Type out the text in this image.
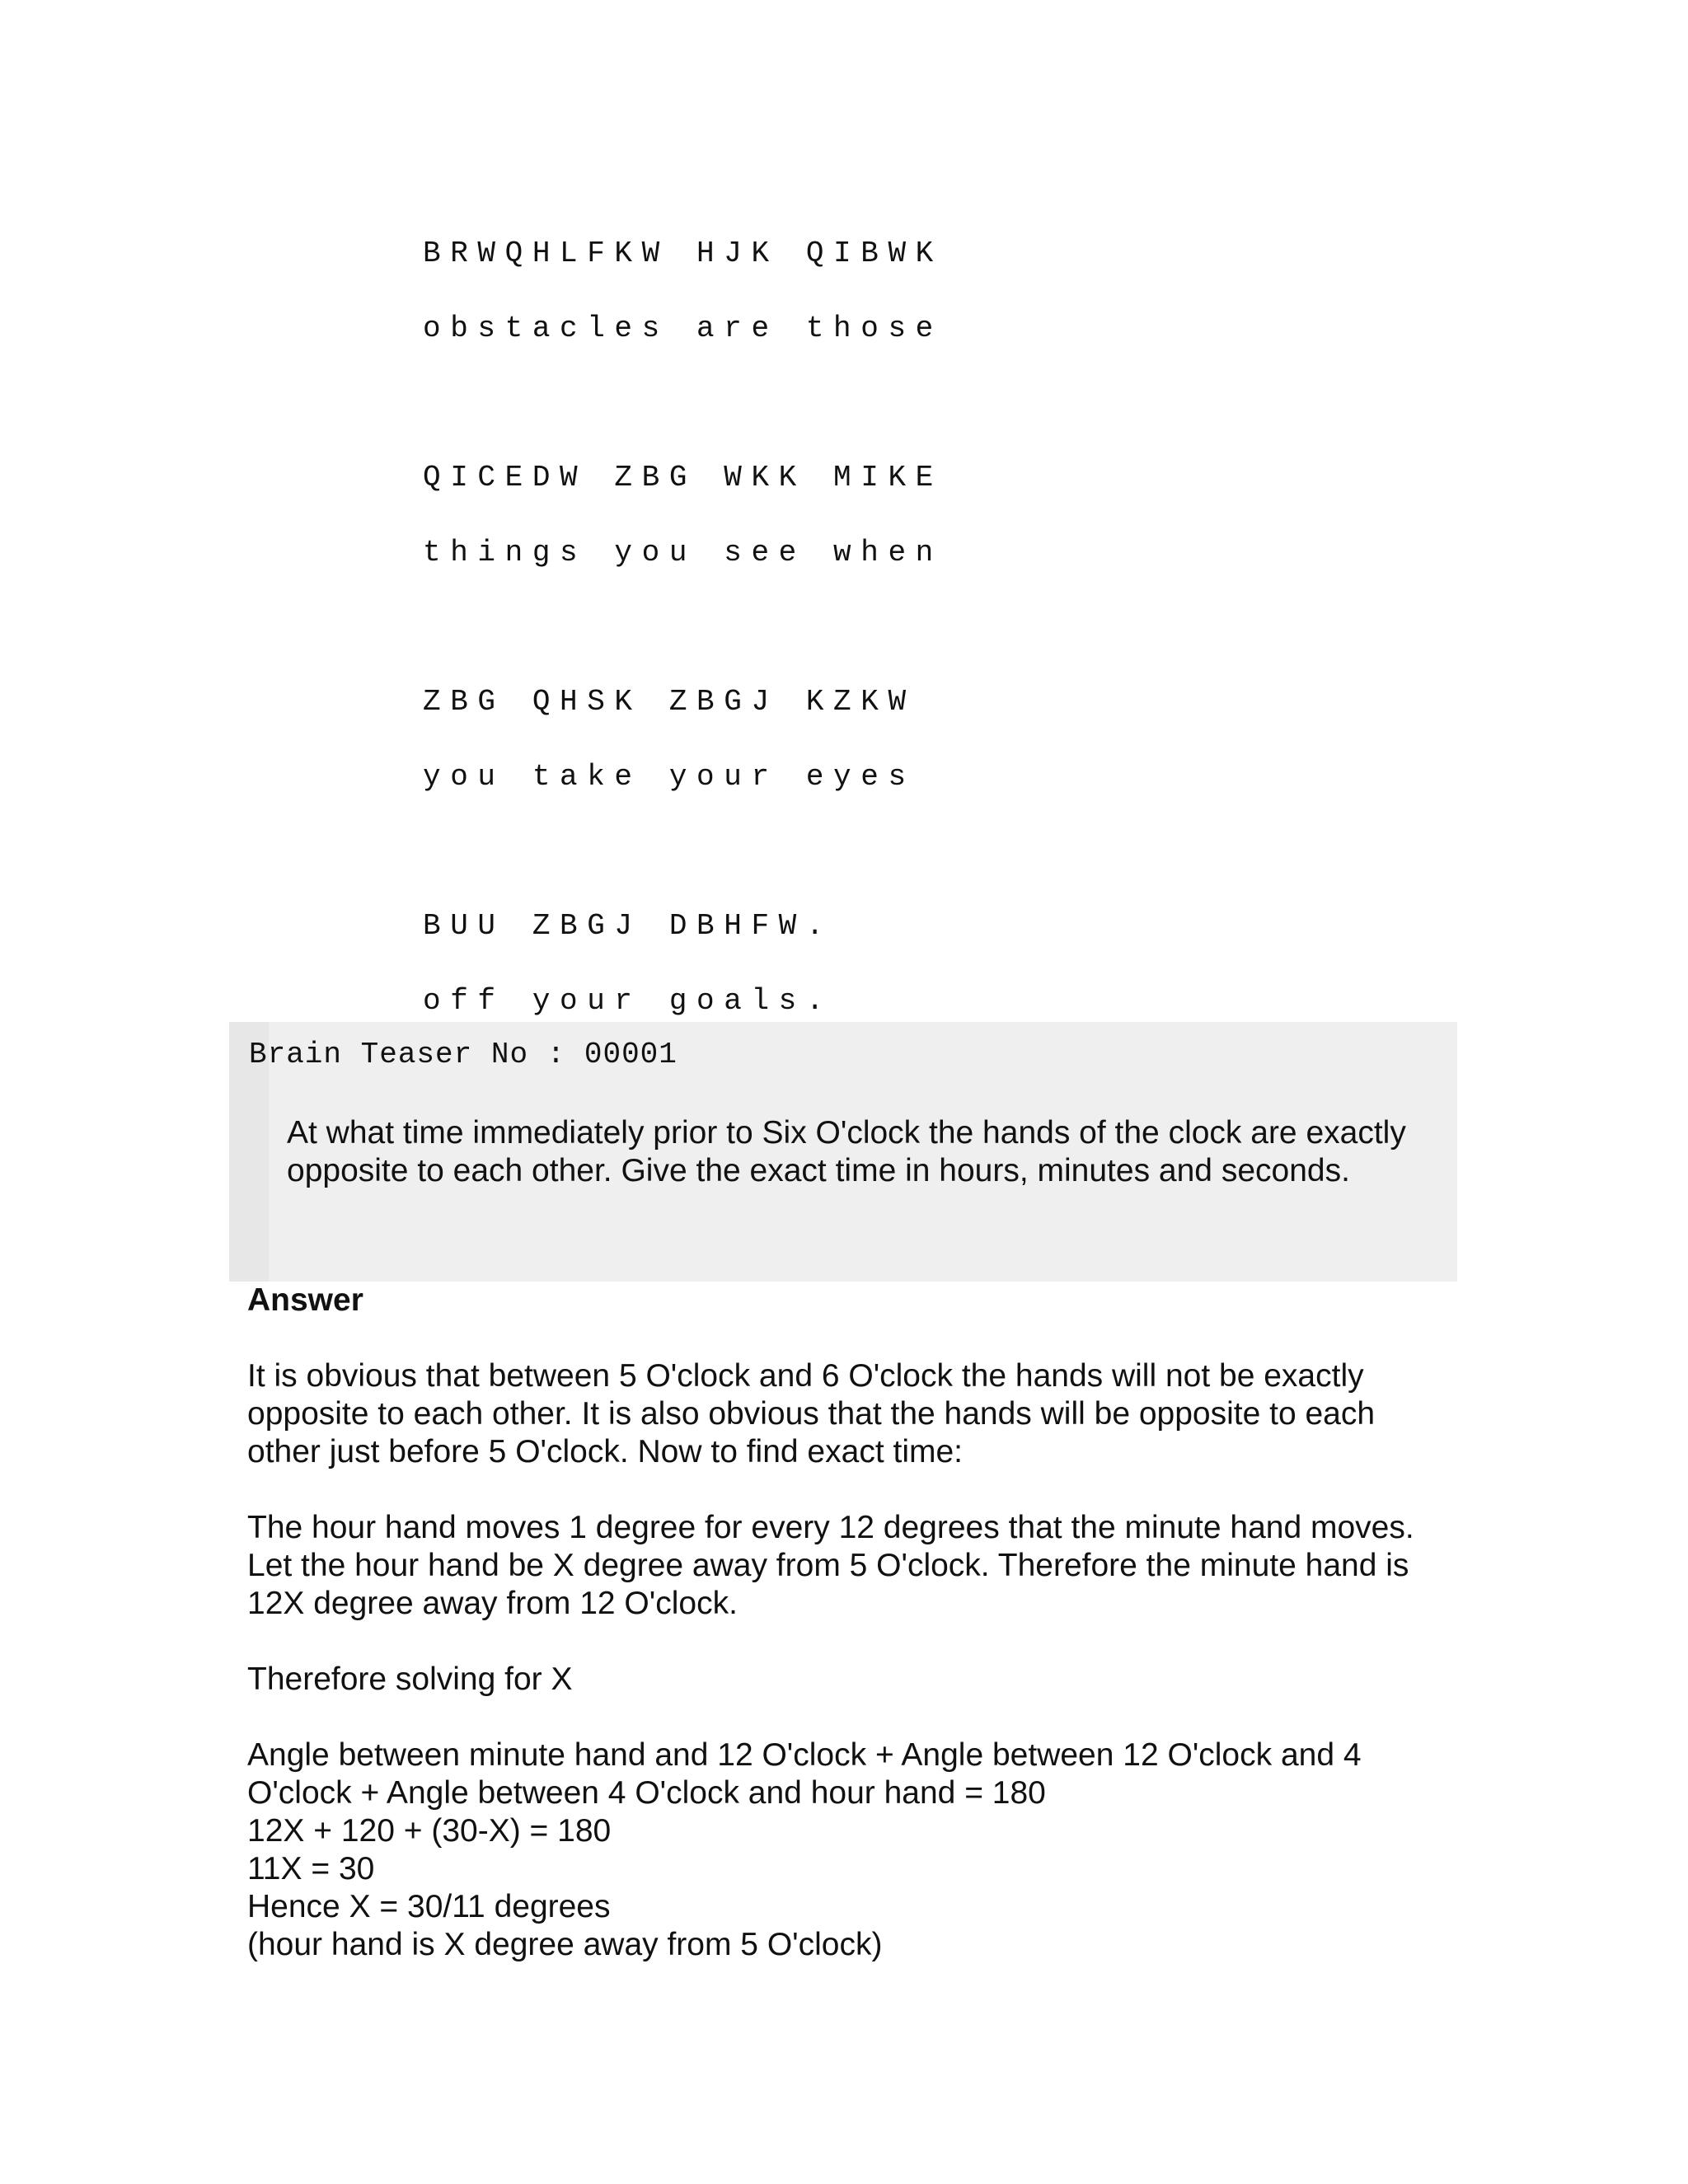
BRWQHLFKW HJK QIBWK

obstacles are those

QICEDW ZBG WKK MIKE

things you see when

ZBG QHSK ZBGJ KZKW

you take your eyes

BUU ZBGJ DBHFW.

off your goals.

Brain Teaser No : 00001

At what time immediately prior to Six O'clock the hands of the clock are exactly opposite to each other. Give the exact time in hours, minutes and seconds.

Answer

It is obvious that between 5 O'clock and 6 O'clock the hands will not be exactly opposite to each other. It is also obvious that the hands will be opposite to each other just before 5 O'clock. Now to find exact time:

The hour hand moves 1 degree for every 12 degrees that the minute hand moves. Let the hour hand be X degree away from 5 O'clock. Therefore the minute hand is 12X degree away from 12 O'clock.

Therefore solving for X

Angle between minute hand and 12 O'clock + Angle between 12 O'clock and 4 O'clock + Angle between 4 O'clock and hour hand = 180

12X + 120 + (30-X) = 180
11X = 30
Hence X = 30/11 degrees
(hour hand is X degree away from 5 O'clock)
